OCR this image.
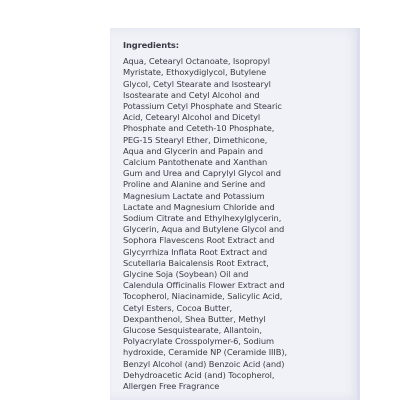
Ingredients:
Aqua, Cetearyl Octanoate, Isopropyl
Myristate, Ethoxydiglycol, Butylene
Glycol, Cetyl Stearate and Isostearyl
Isostearate and Cetyl Alcohol and
Potassium Cetyl Phosphate and Stearic
Acid, Cetearyl Alcohol and Dicetyl
Phosphate and Ceteth-10 Phosphate,
PEG-15 Stearyl Ether, Dimethicone,
Aqua and Glycerin and Papain and
Calcium Pantothenate and Xanthan
Gum and Urea and Caprylyl Glycol and
Proline and Alanine and Serine and
Magnesium Lactate and Potassium
Lactate and Magnesium Chloride and
Sodium Citrate and Ethylhexylglycerin,
Glycerin, Aqua and Butylene Glycol and
Sophora Flavescens Root Extract and
Glycyrrhiza Inflata Root Extract and
Scutellaria Baicalensis Root Extract,
Glycine Soja (Soybean) Oil and
Calendula Officinalis Flower Extract and
Tocopherol, Niacinamide, Salicylic Acid,
Cetyl Esters, Cocoa Butter,
Dexpanthenol, Shea Butter, Methyl
Glucose Sesquistearate, Allantoin,
Polyacrylate Crosspolymer-6, Sodium
hydroxide, Ceramide NP (Ceramide IIIB),
Benzyl Alcohol (and) Benzoic Acid (and)
Dehydroacetic Acid (and) Tocopherol,
Allergen Free Fragrance
